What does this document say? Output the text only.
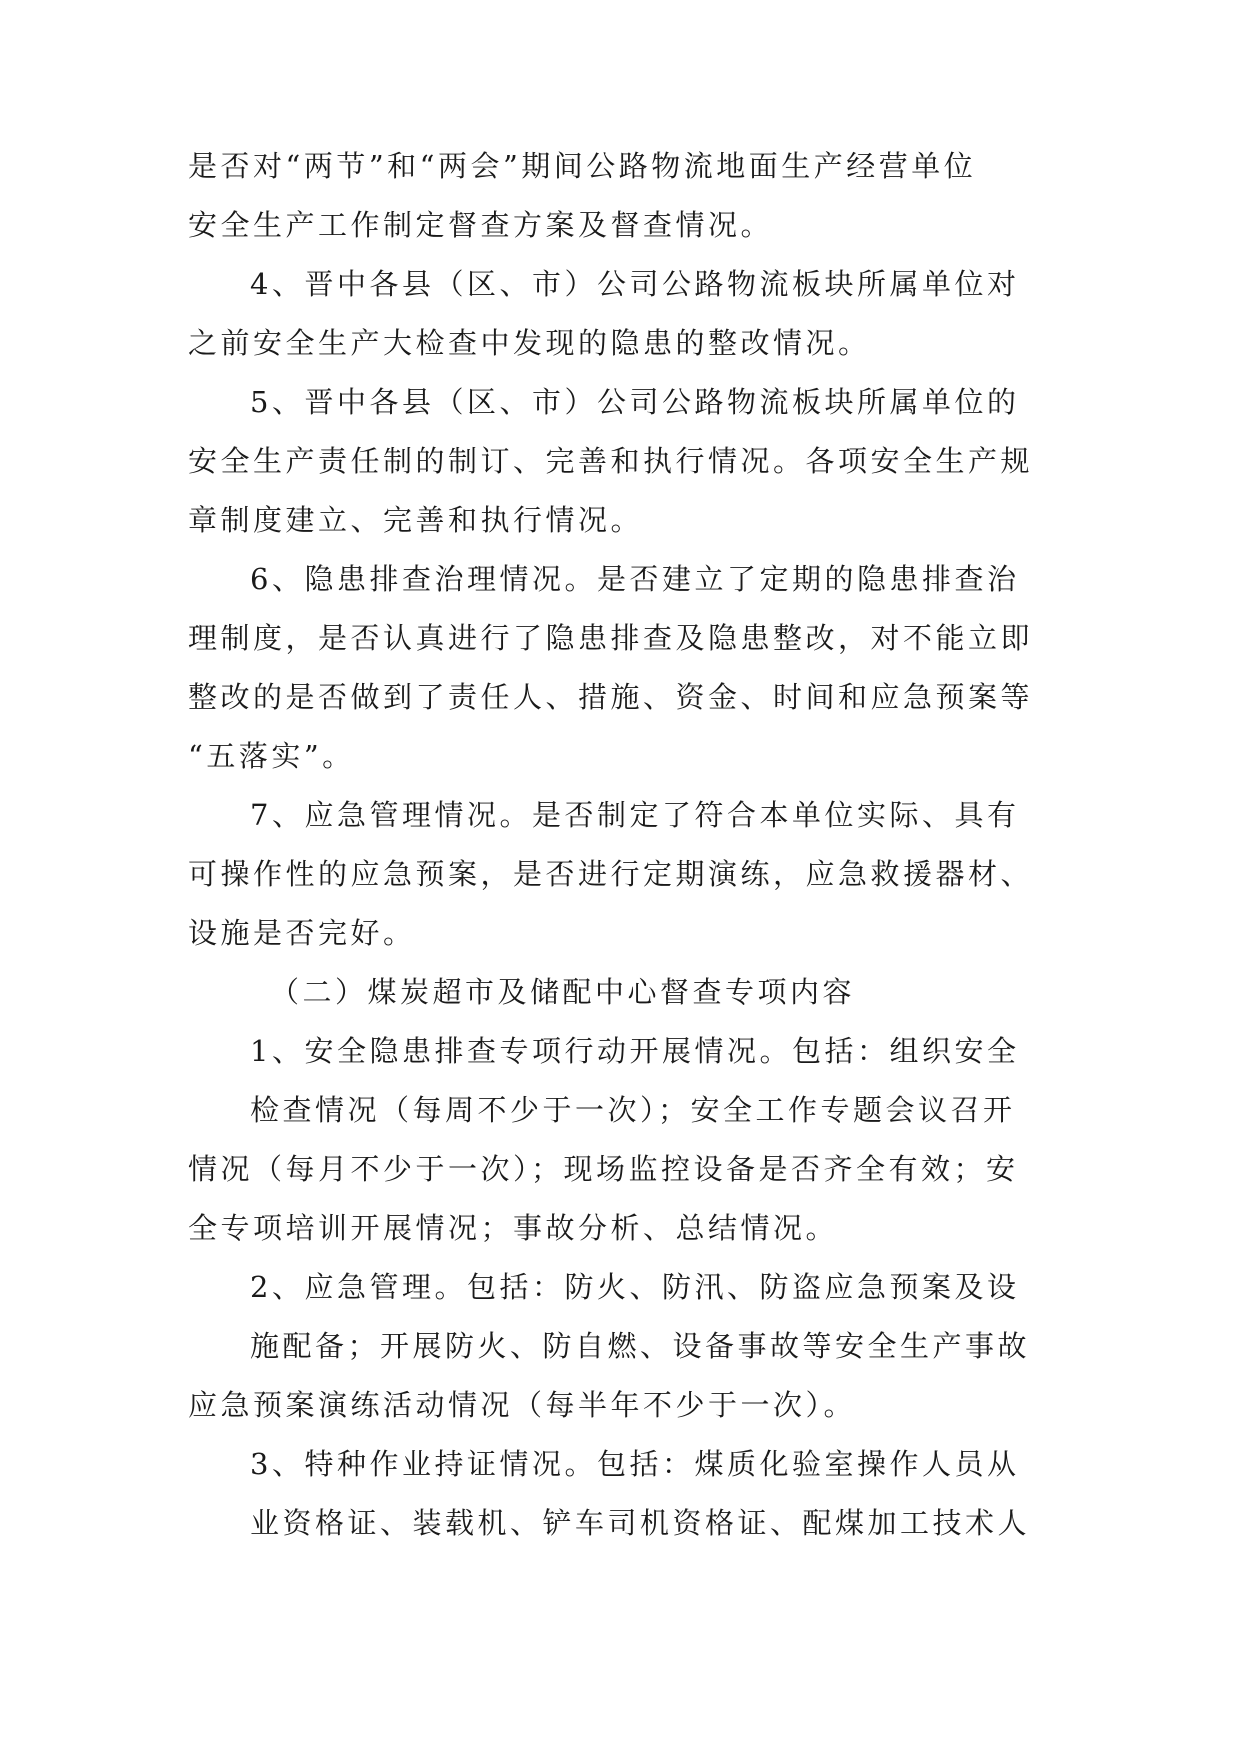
是否对“两节”和“两会”期间公路物流地面生产经营单位
安全生产工作制定督查方案及督查情况。
4、晋中各县（区、市）公司公路物流板块所属单位对
之前安全生产大检查中发现的隐患的整改情况。
5、晋中各县（区、市）公司公路物流板块所属单位的
安全生产责任制的制订、完善和执行情况。各项安全生产规
章制度建立、完善和执行情况。
6、隐患排查治理情况。是否建立了定期的隐患排查治
理制度，是否认真进行了隐患排查及隐患整改，对不能立即
整改的是否做到了责任人、措施、资金、时间和应急预案等
“五落实”。
7、应急管理情况。是否制定了符合本单位实际、具有
可操作性的应急预案，是否进行定期演练，应急救援器材、
设施是否完好。
（二）煤炭超市及储配中心督查专项内容
1、安全隐患排查专项行动开展情况。包括：组织安全
检查情况（每周不少于一次）；安全工作专题会议召开
情况（每月不少于一次）；现场监控设备是否齐全有效；安
全专项培训开展情况；事故分析、总结情况。
2、应急管理。包括：防火、防汛、防盗应急预案及设
施配备；开展防火、防自燃、设备事故等安全生产事故
应急预案演练活动情况（每半年不少于一次）。
3、特种作业持证情况。包括：煤质化验室操作人员从
业资格证、装载机、铲车司机资格证、配煤加工技术人
